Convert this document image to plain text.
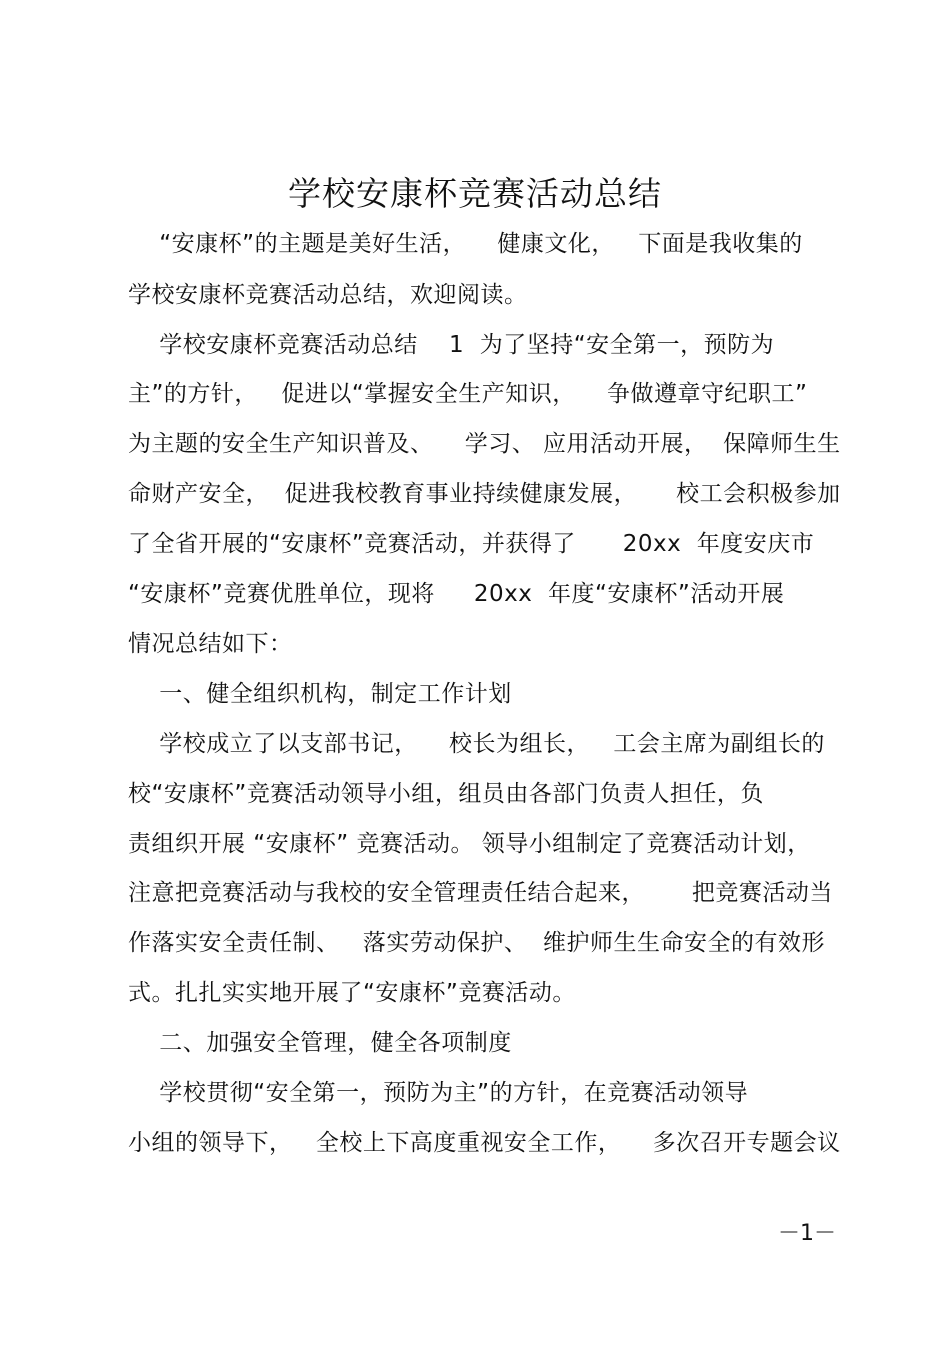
学校安康杯竞赛活动总结
“安康杯”的主题是美好生活，    健康文化，   下面是我收集的
学校安康杯竞赛活动总结，欢迎阅读。
学校安康杯竞赛活动总结    1  为了坚持“安全第一，预防为
主”的方针，   促进以“掌握安全生产知识，    争做遵章守纪职工”
为主题的安全生产知识普及、    学习、 应用活动开展，  保障师生生
命财产安全，  促进我校教育事业持续健康发展，     校工会积极参加
了全省开展的“安康杯”竞赛活动，并获得了      20xx  年度安庆市
“安康杯”竞赛优胜单位，现将     20xx  年度“安康杯”活动开展
情况总结如下：
一、健全组织机构，制定工作计划
学校成立了以支部书记，    校长为组长，   工会主席为副组长的
校“安康杯”竞赛活动领导小组，组员由各部门负责人担任，负
责组织开展 “安康杯” 竞赛活动。 领导小组制定了竞赛活动计划，
注意把竞赛活动与我校的安全管理责任结合起来，      把竞赛活动当
作落实安全责任制、   落实劳动保护、  维护师生生命安全的有效形
式。扎扎实实地开展了“安康杯”竞赛活动。
二、加强安全管理，健全各项制度
学校贯彻“安全第一，预防为主”的方针，在竞赛活动领导
小组的领导下，   全校上下高度重视安全工作，    多次召开专题会议
－1－
